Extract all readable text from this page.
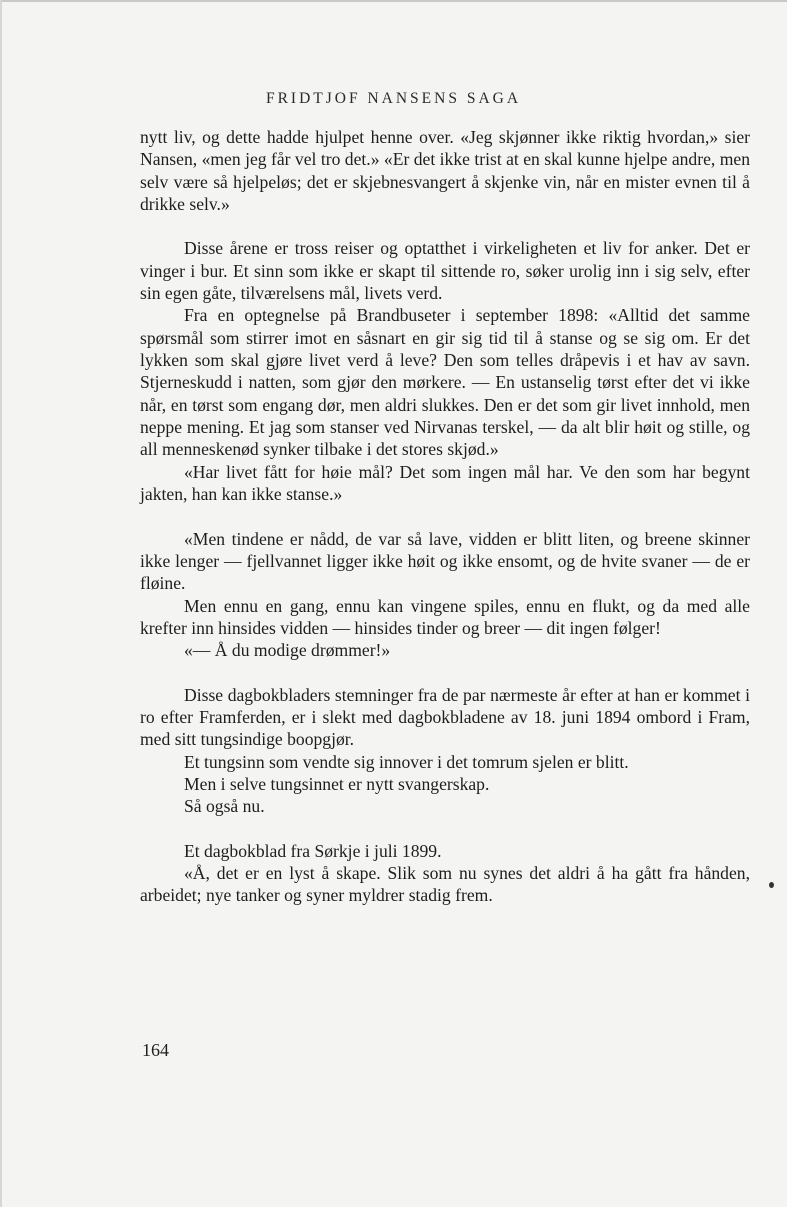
FRIDTJOF NANSENS SAGA

nytt liv, og dette hadde hjulpet henne over. «Jeg skjønner ikke riktig hvordan,» sier Nansen, «men jeg får vel tro det.» «Er det ikke trist at en skal kunne hjelpe andre, men selv være så hjelpeløs; det er skjebnesvangert å skjenke vin, når en mister evnen til å drikke selv.»

Disse årene er tross reiser og optatthet i virkeligheten et liv for anker. Det er vinger i bur. Et sinn som ikke er skapt til sittende ro, søker urolig inn i sig selv, efter sin egen gåte, tilværelsens mål, livets verd.

Fra en optegnelse på Brandbuseter i september 1898: «Alltid det samme spørsmål som stirrer imot en såsnart en gir sig tid til å stanse og se sig om. Er det lykken som skal gjøre livet verd å leve? Den som telles dråpevis i et hav av savn. Stjerneskudd i natten, som gjør den mørkere. — En ustanselig tørst efter det vi ikke når, en tørst som engang dør, men aldri slukkes. Den er det som gir livet innhold, men neppe mening. Et jag som stanser ved Nirvanas terskel, — da alt blir høit og stille, og all menneskenød synker tilbake i det stores skjød.»

«Har livet fått for høie mål? Det som ingen mål har. Ve den som har begynt jakten, han kan ikke stanse.»

«Men tindene er nådd, de var så lave, vidden er blitt liten, og breene skinner ikke lenger — fjellvannet ligger ikke høit og ikke ensomt, og de hvite svaner — de er fløine.

Men ennu en gang, ennu kan vingene spiles, ennu en flukt, og da med alle krefter inn hinsides vidden — hinsides tinder og breer — dit ingen følger!

«— Å du modige drømmer!»

Disse dagbokbladers stemninger fra de par nærmeste år efter at han er kommet i ro efter Framferden, er i slekt med dagbokbladene av 18. juni 1894 ombord i Fram, med sitt tungsindige boopgjør.

Et tungsinn som vendte sig innover i det tomrum sjelen er blitt.

Men i selve tungsinnet er nytt svangerskap.

Så også nu.

Et dagbokblad fra Sørkje i juli 1899.

«Å, det er en lyst å skape. Slik som nu synes det aldri å ha gått fra hånden, arbeidet; nye tanker og syner myldrer stadig frem.

164
